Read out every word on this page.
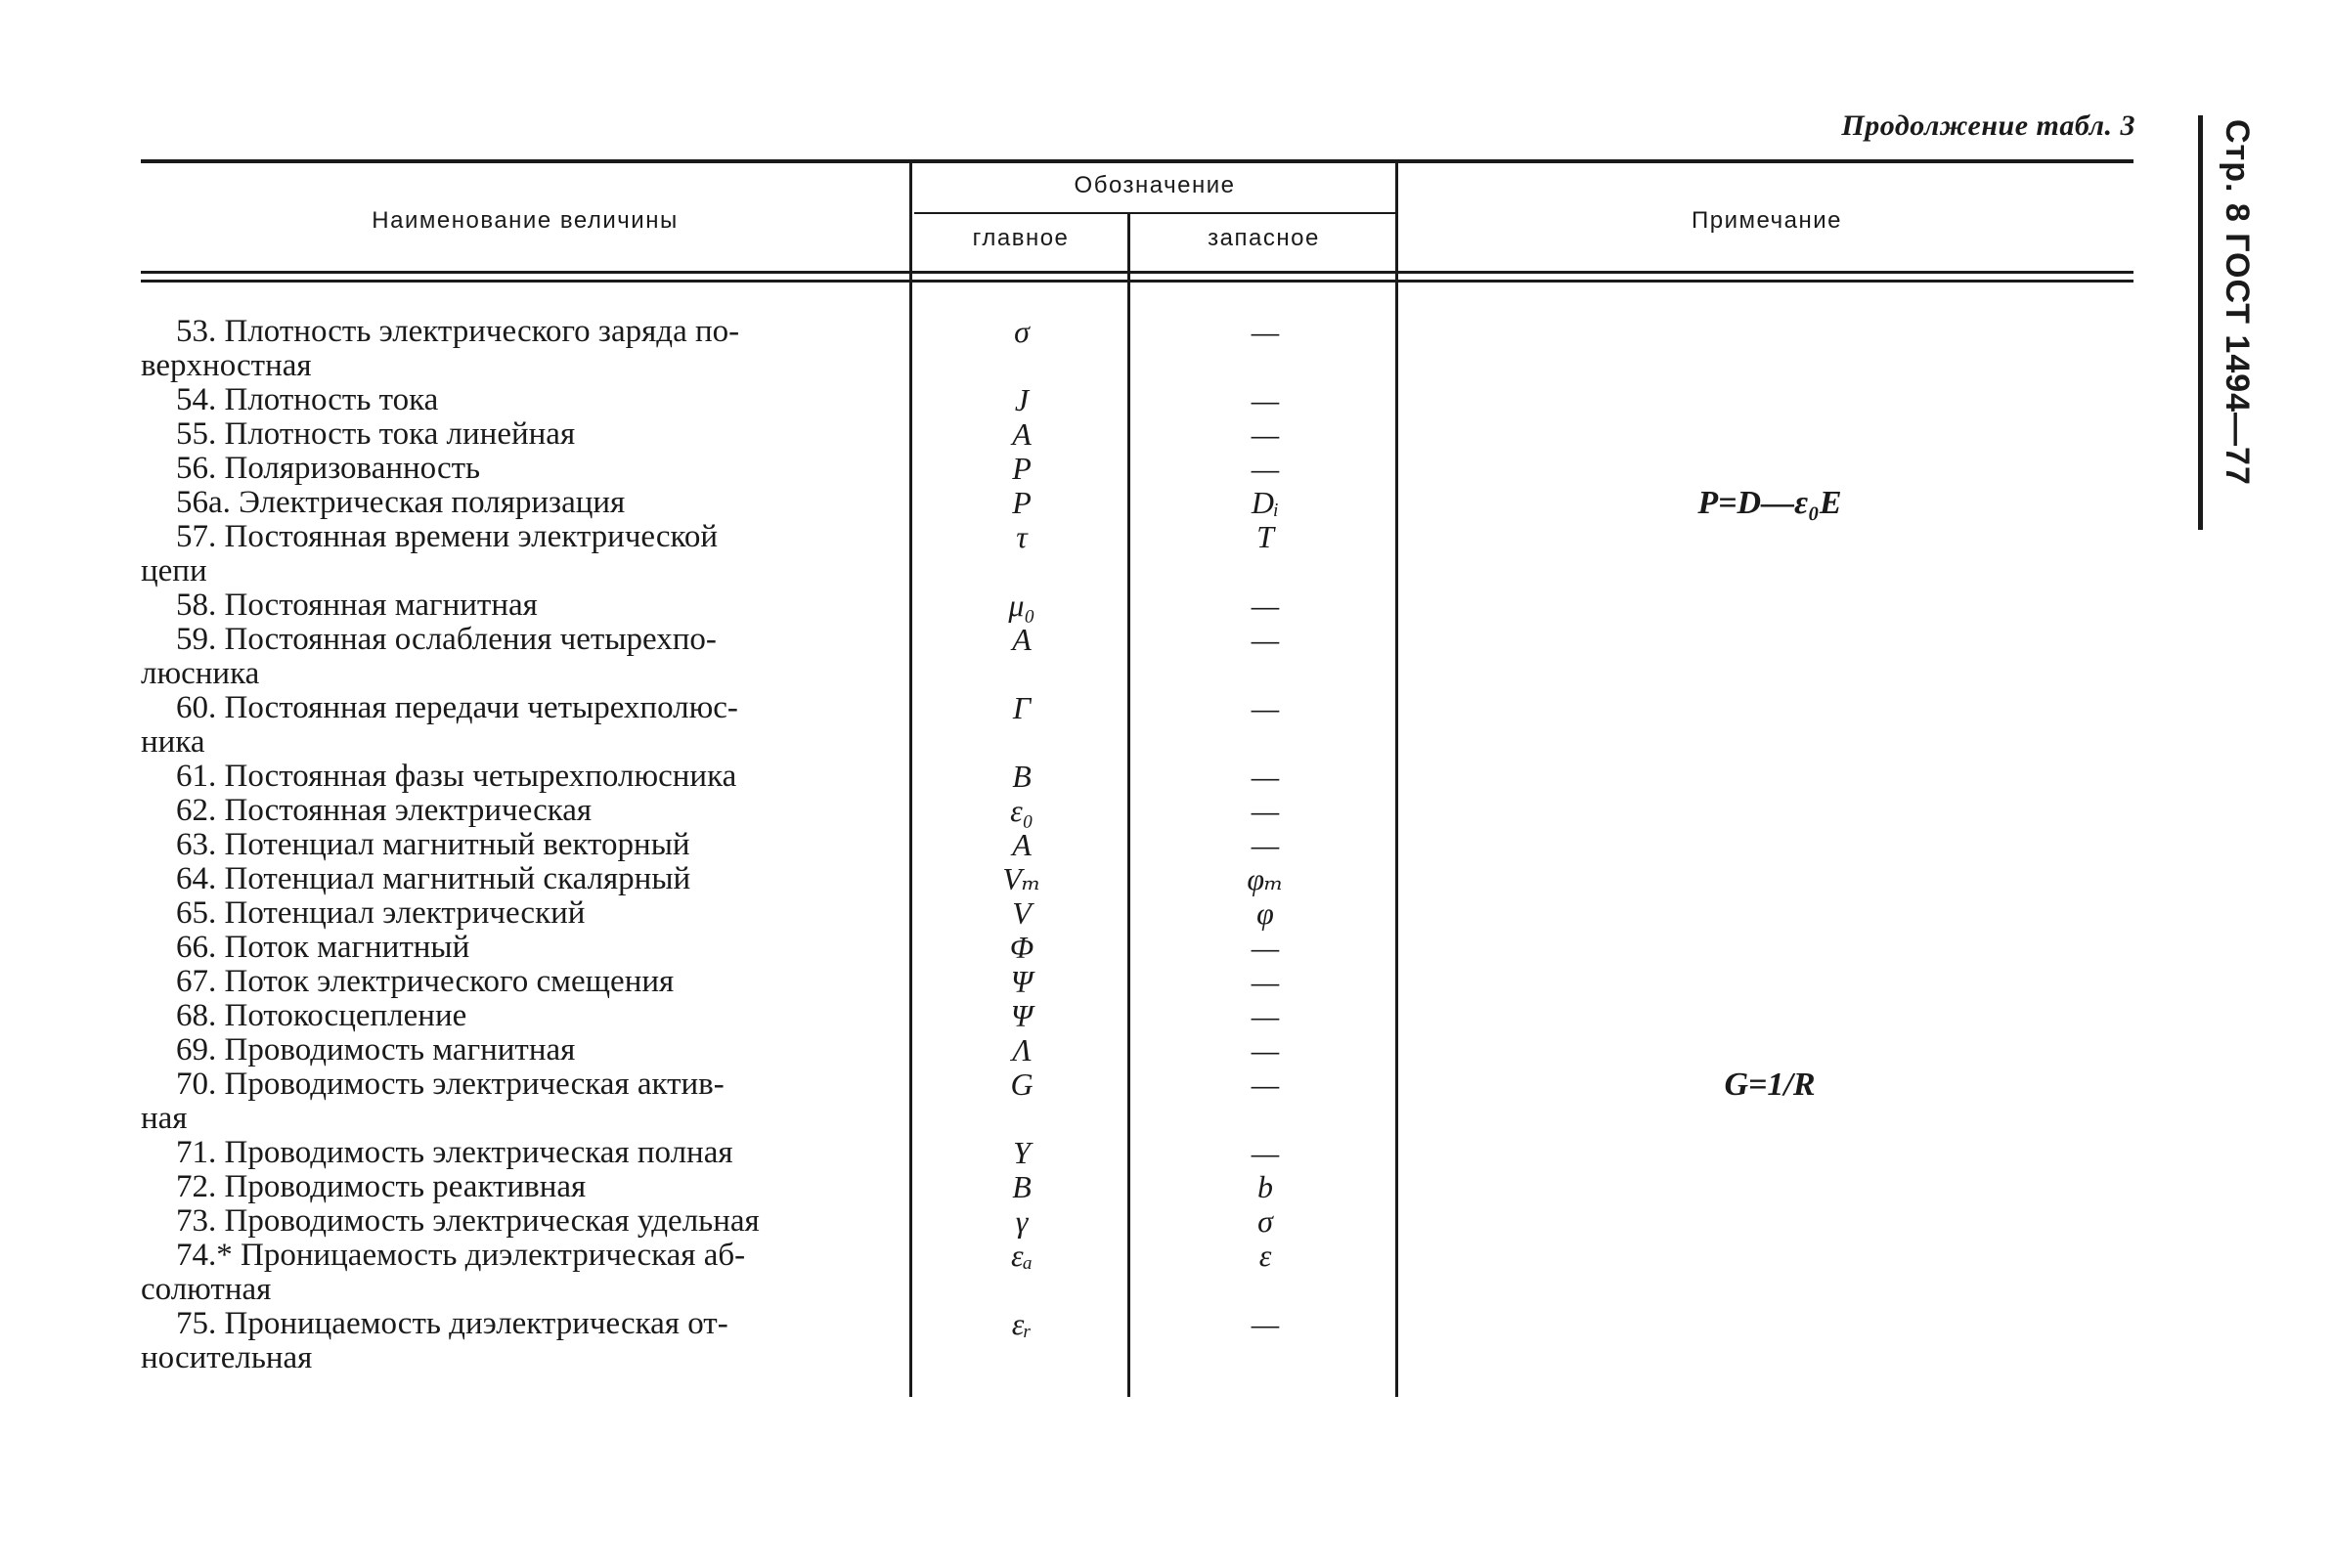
Продолжение табл. 3	Стр. 8 ГОСТ 1494—77
Наименование величины
Обозначение
главное	запасное
Примечание
53. Плотность электрического заряда по-
верхностная
σ	—
54. Плотность тока	J	—
55. Плотность тока линейная	A	—
56. Поляризованность	P	—
56а. Электрическая поляризация	P	Dᵢ	P=D—ε₀E
57. Постоянная времени электрической
цепи
τ	T
58. Постоянная магнитная	μ₀	—
59. Постоянная ослабления четырехпо-
люсника
A	—
60. Постоянная передачи четырехполюс-
ника
Г	—
61. Постоянная фазы четырехполюсника	B	—
62. Постоянная электрическая	ε₀	—
63. Потенциал магнитный векторный	A	—
64. Потенциал магнитный скалярный	Vₘ	φₘ
65. Потенциал электрический	V	φ
66. Поток магнитный	Φ	—
67. Поток электрического смещения	Ψ	—
68. Потокосцепление	Ψ	—
69. Проводимость магнитная	Λ	—
70. Проводимость электрическая актив-
ная
G	—	G=1/R
71. Проводимость электрическая полная	Y	—
72. Проводимость реактивная	B	b
73. Проводимость электрическая удельная	γ	σ
74.* Проницаемость диэлектрическая аб-
солютная
εₐ	ε
75. Проницаемость диэлектрическая от-
носительная
εᵣ	—
